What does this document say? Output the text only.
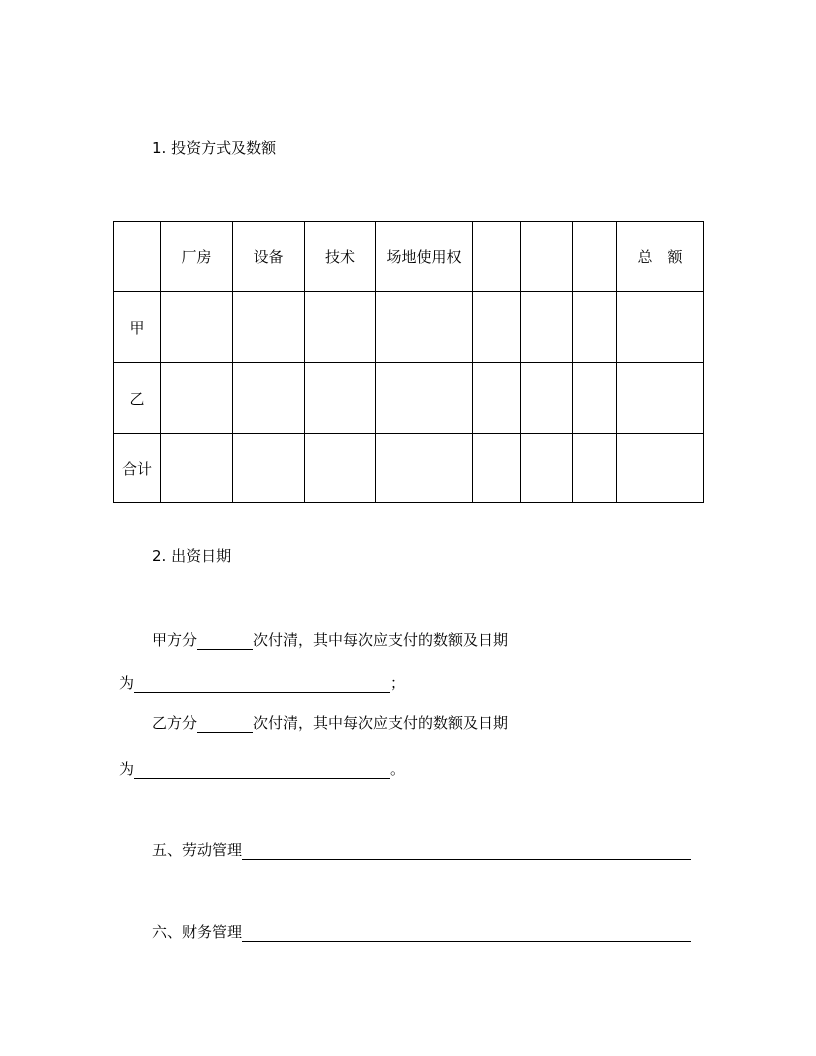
1. 投资方式及数额
	厂房	设备	技术	场地使用权				总　额
甲								
乙								
合计								
2. 出资日期
甲方分	次付清，其中每次应支付的数额及日期
为	；
乙方分	次付清，其中每次应支付的数额及日期
为	。
五、劳动管理
六、财务管理
